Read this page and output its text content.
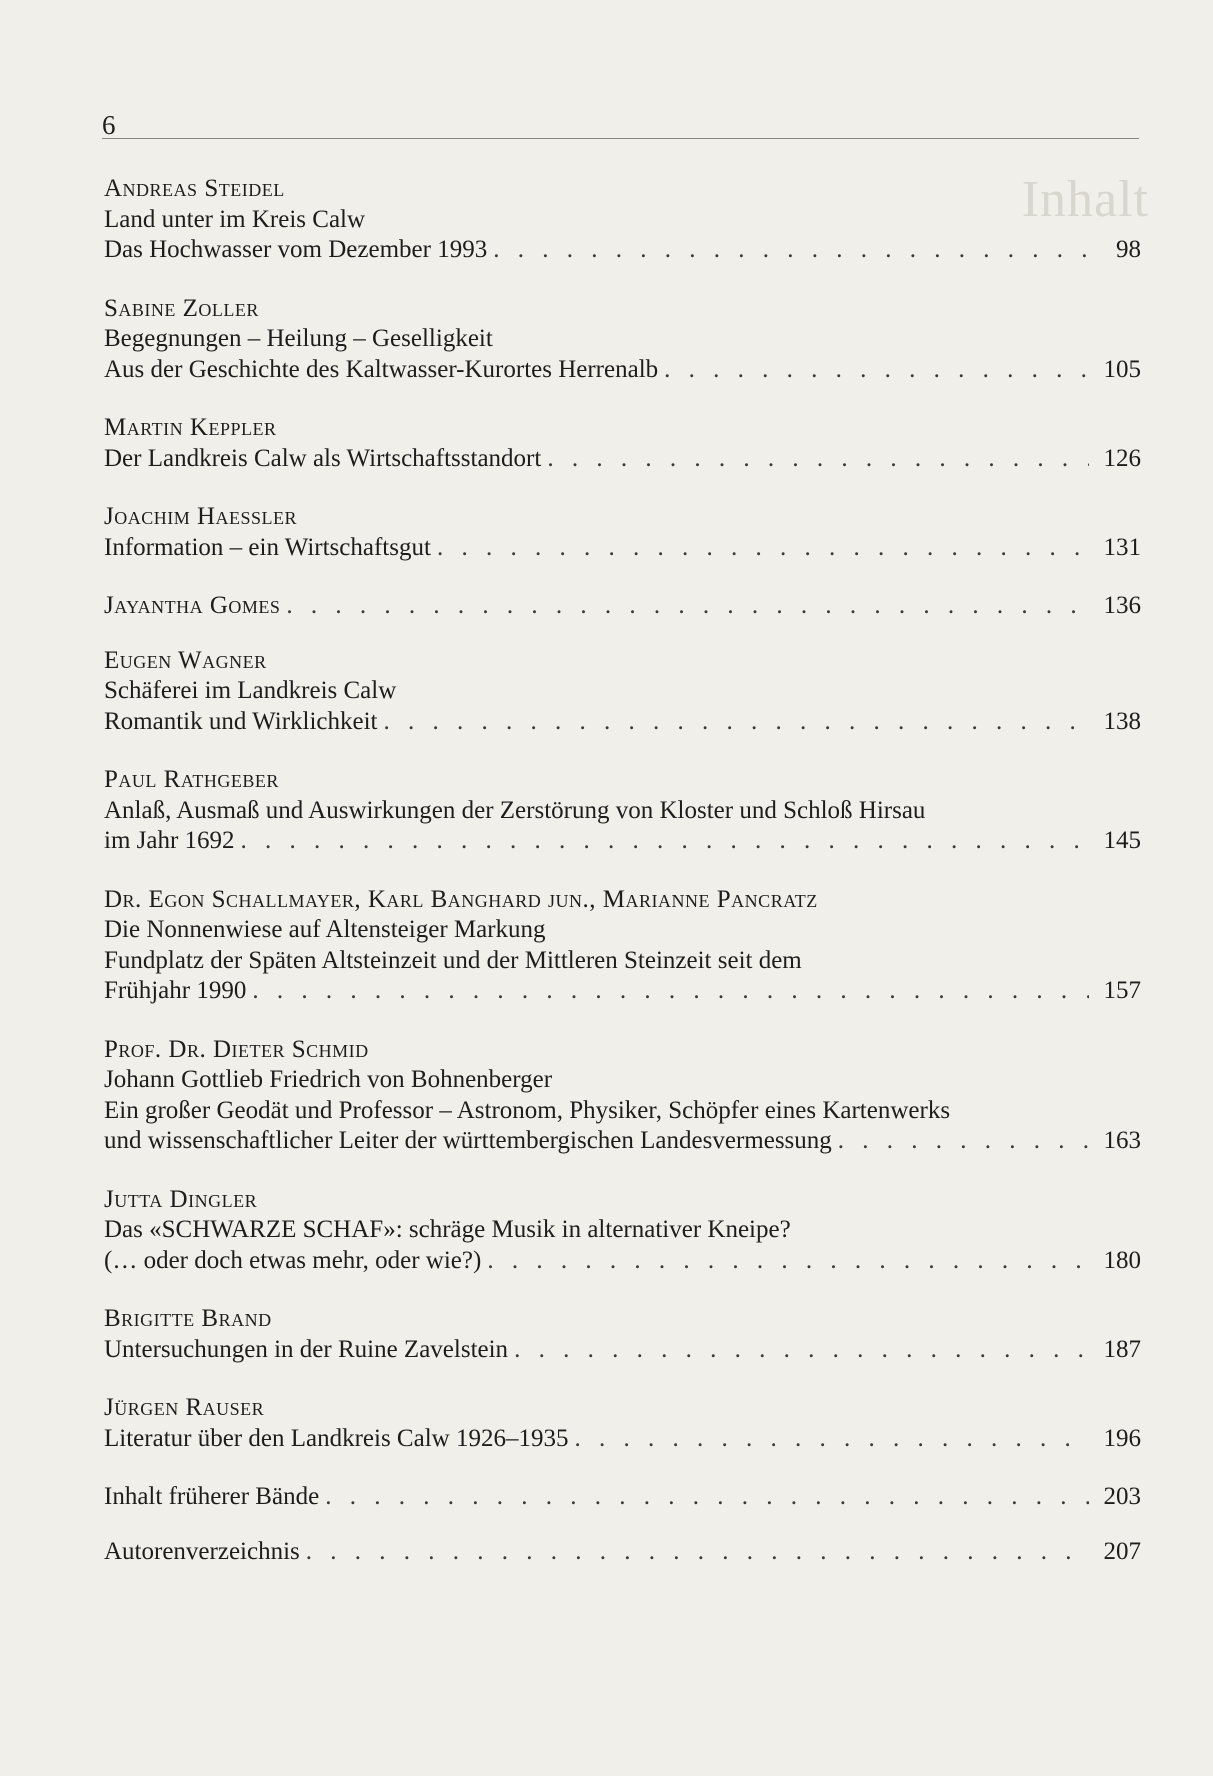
Inhalt
6
Andreas Steidel
Land unter im Kreis Calw
Das Hochwasser vom Dezember 1993 . . .	98
Sabine Zoller
Begegnungen – Heilung – Geselligkeit
Aus der Geschichte des Kaltwasser-Kurortes Herrenalb . . .	105
Martin Keppler
Der Landkreis Calw als Wirtschaftsstandort . . .	126
Joachim Haessler
Information – ein Wirtschaftsgut . . .	131
Jayantha Gomes . . .	136
Eugen Wagner
Schäferei im Landkreis Calw
Romantik und Wirklichkeit . . .	138
Paul Rathgeber
Anlaß, Ausmaß und Auswirkungen der Zerstörung von Kloster und Schloß Hirsau
im Jahr 1692 . . .	145
Dr. Egon Schallmayer, Karl Banghard jun., Marianne Pancratz
Die Nonnenwiese auf Altensteiger Markung
Fundplatz der Späten Altsteinzeit und der Mittleren Steinzeit seit dem
Frühjahr 1990 . . .	157
Prof. Dr. Dieter Schmid
Johann Gottlieb Friedrich von Bohnenberger
Ein großer Geodät und Professor – Astronom, Physiker, Schöpfer eines Kartenwerks
und wissenschaftlicher Leiter der württembergischen Landesvermessung . . .	163
Jutta Dingler
Das «SCHWARZE SCHAF»: schräge Musik in alternativer Kneipe?
(… oder doch etwas mehr, oder wie?) . . .	180
Brigitte Brand
Untersuchungen in der Ruine Zavelstein . . .	187
Jürgen Rauser
Literatur über den Landkreis Calw 1926–1935 . . .	196
Inhalt früherer Bände . . .	203
Autorenverzeichnis . . .	207
